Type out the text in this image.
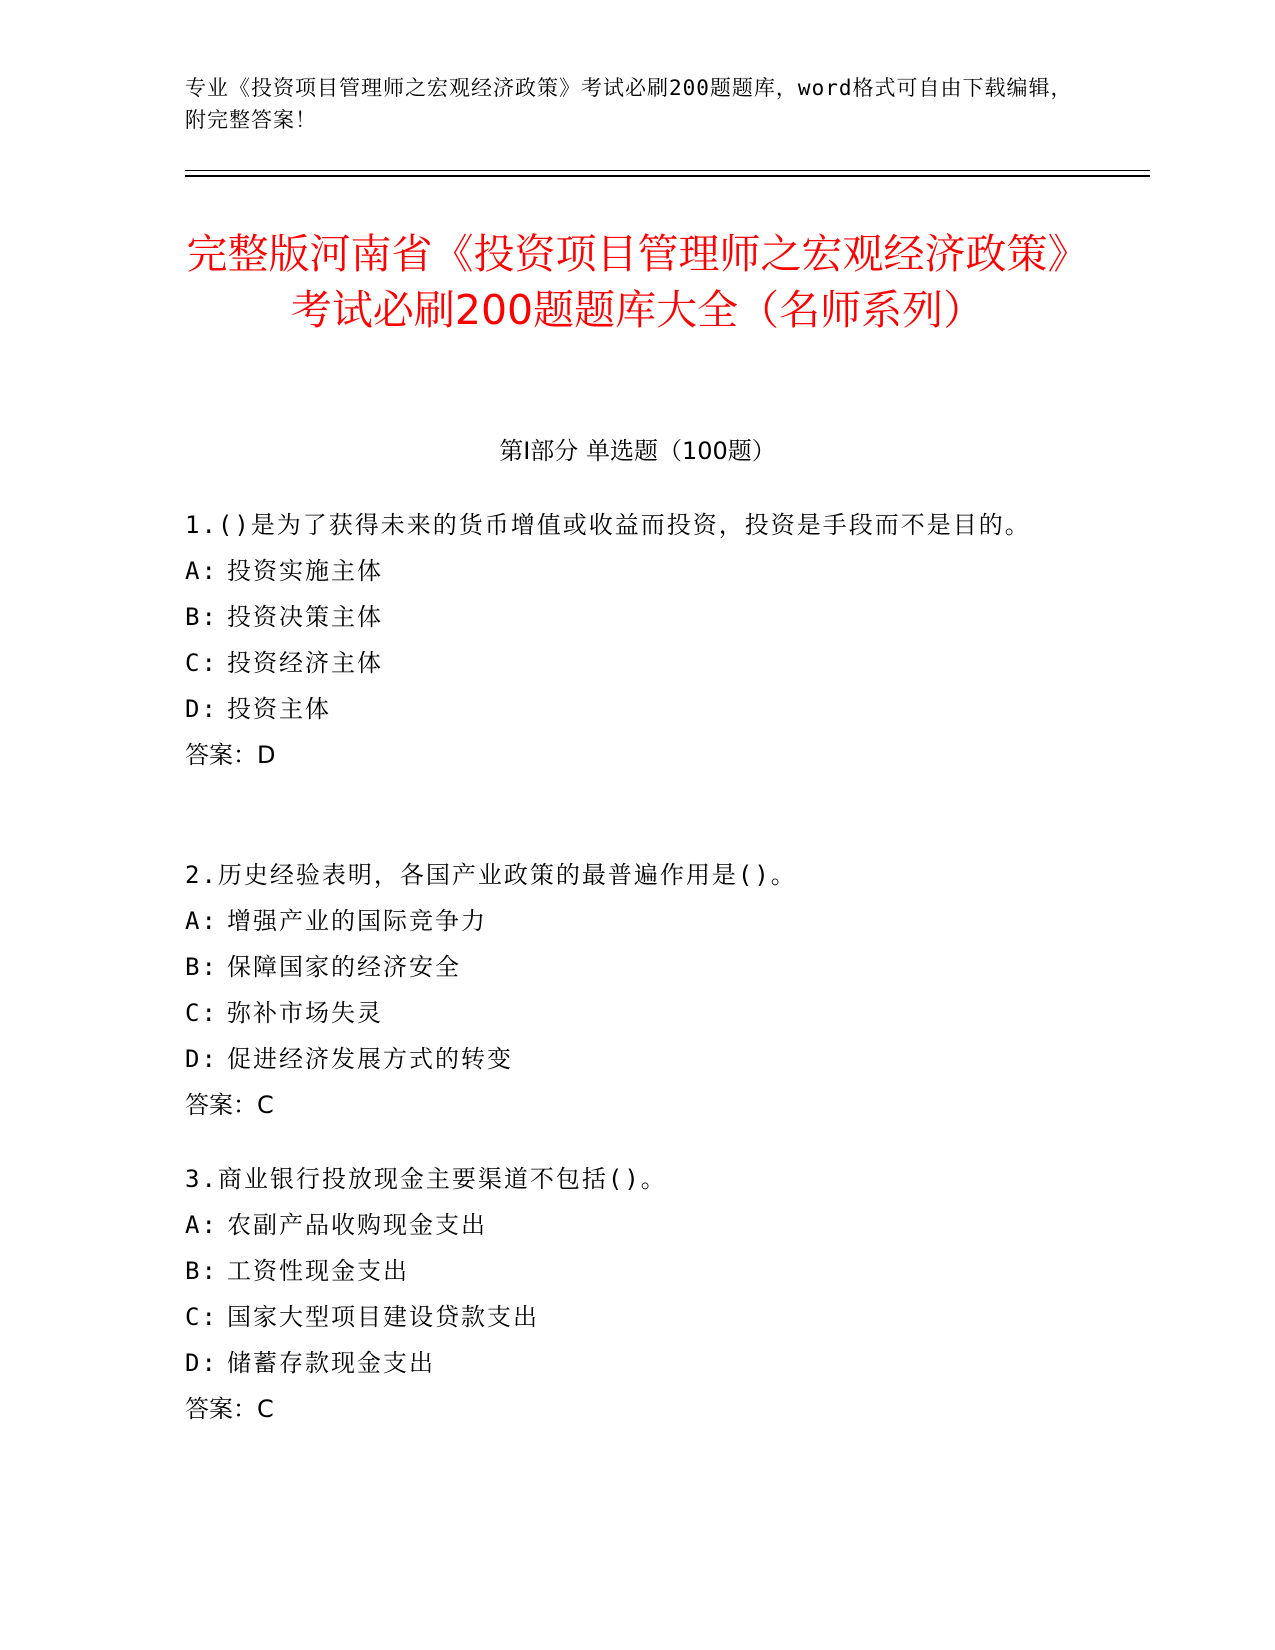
专业《投资项目管理师之宏观经济政策》考试必刷200题题库，word格式可自由下载编辑，附完整答案！
完整版河南省《投资项目管理师之宏观经济政策》考试必刷200题题库大全（名师系列）
第I部分 单选题（100题）
1.()是为了获得未来的货币增值或收益而投资，投资是手段而不是目的。
A: 投资实施主体
B: 投资决策主体
C: 投资经济主体
D: 投资主体
答案：D
2.历史经验表明，各国产业政策的最普遍作用是()。
A: 增强产业的国际竞争力
B: 保障国家的经济安全
C: 弥补市场失灵
D: 促进经济发展方式的转变
答案：C
3.商业银行投放现金主要渠道不包括()。
A: 农副产品收购现金支出
B: 工资性现金支出
C: 国家大型项目建设贷款支出
D: 储蓄存款现金支出
答案：C
